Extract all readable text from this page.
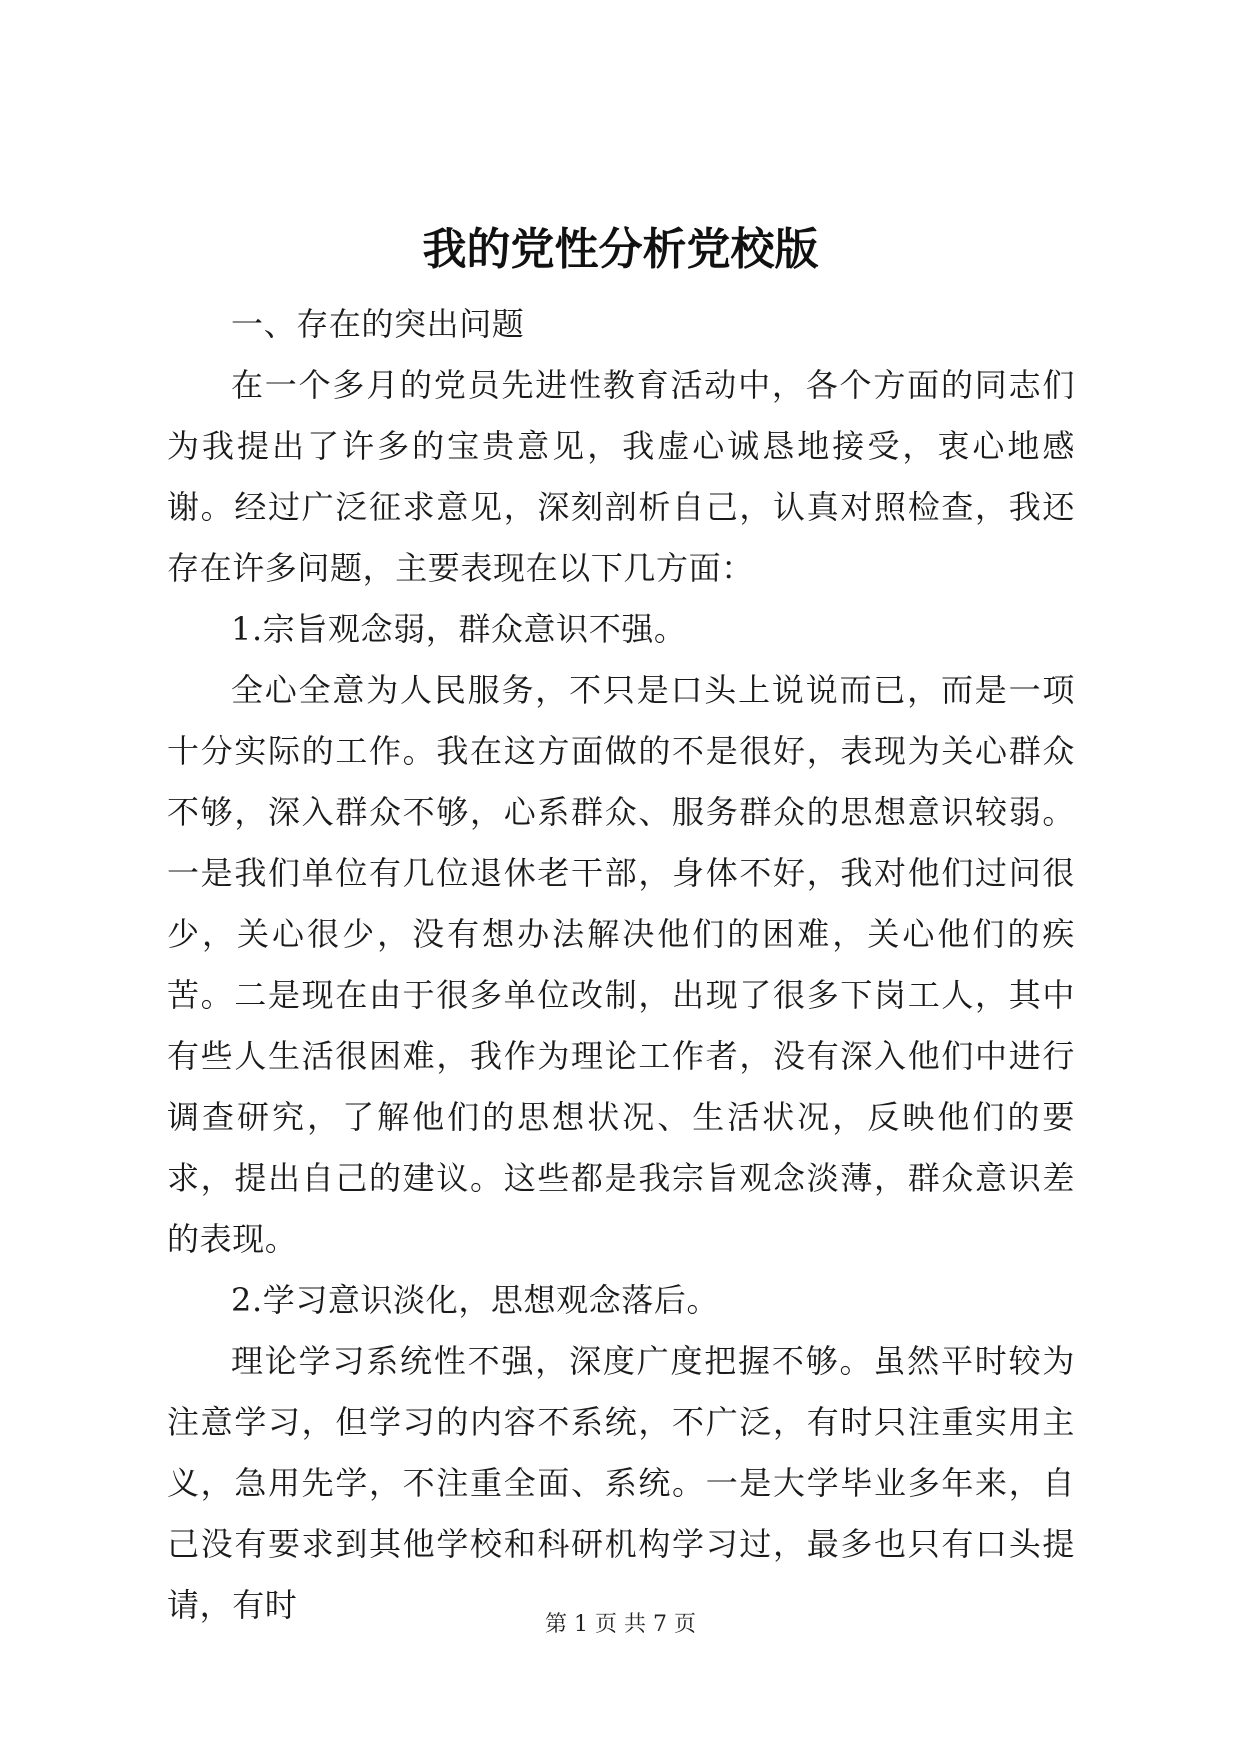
我的党性分析党校版

一、存在的突出问题

在一个多月的党员先进性教育活动中，各个方面的同志们为我提出了许多的宝贵意见，我虚心诚恳地接受，衷心地感谢。经过广泛征求意见，深刻剖析自己，认真对照检查，我还存在许多问题，主要表现在以下几方面：

1.宗旨观念弱，群众意识不强。

全心全意为人民服务，不只是口头上说说而已，而是一项十分实际的工作。我在这方面做的不是很好，表现为关心群众不够，深入群众不够，心系群众、服务群众的思想意识较弱。一是我们单位有几位退休老干部，身体不好，我对他们过问很少，关心很少，没有想办法解决他们的困难，关心他们的疾苦。二是现在由于很多单位改制，出现了很多下岗工人，其中有些人生活很困难，我作为理论工作者，没有深入他们中进行调查研究，了解他们的思想状况、生活状况，反映他们的要求，提出自己的建议。这些都是我宗旨观念淡薄，群众意识差的表现。

2.学习意识淡化，思想观念落后。

理论学习系统性不强，深度广度把握不够。虽然平时较为注意学习，但学习的内容不系统，不广泛，有时只注重实用主义，急用先学，不注重全面、系统。一是大学毕业多年来，自己没有要求到其他学校和科研机构学习过，最多也只有口头提请，有时

第 1 页 共 7 页
